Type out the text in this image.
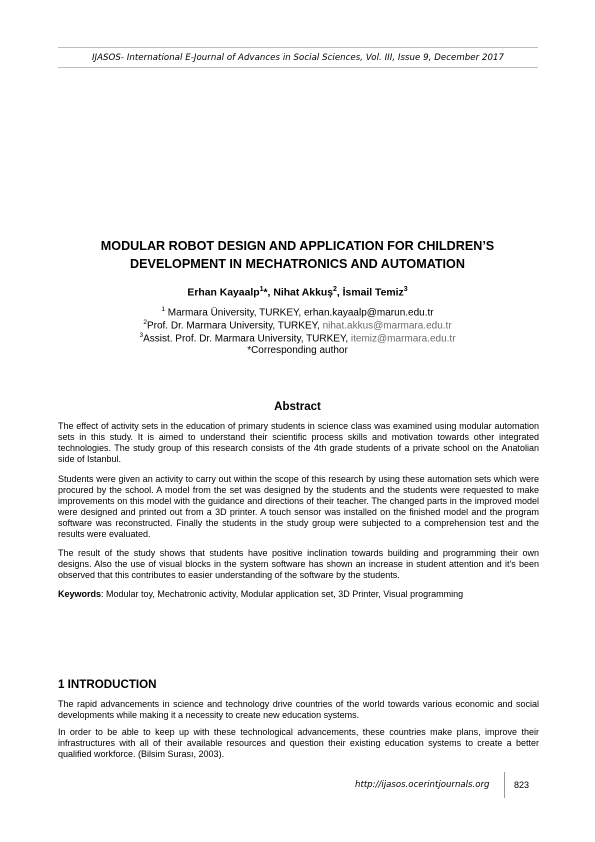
IJASOS- International E-Journal of Advances in Social Sciences, Vol. III, Issue 9, December 2017
MODULAR ROBOT DESIGN AND APPLICATION FOR CHILDREN’S
DEVELOPMENT IN MECHATRONICS AND AUTOMATION
Erhan Kayaalp$^1$*, Nihat Akkuş$^2$, İsmail Temiz$^3$
$^1$ Marmara Üniversity, TURKEY, erhan.kayaalp@marun.edu.tr
$^2$Prof. Dr. Marmara University, TURKEY, nihat.akkus@marmara.edu.tr
$^3$Assist. Prof. Dr. Marmara University, TURKEY, itemiz@marmara.edu.tr
*Corresponding author
Abstract
The effect of activity sets in the education of primary students in science class was examined using modular automation sets in this study. It is aimed to understand their scientific process skills and motivation towards other integrated technologies. The study group of this research consists of the 4th grade students of a private school on the Anatolian side of Istanbul.
Students were given an activity to carry out within the scope of this research by using these automation sets which were procured by the school. A model from the set was designed by the students and the students were requested to make improvements on this model with the guidance and directions of their teacher. The changed parts in the improved model were designed and printed out from a 3D printer. A touch sensor was installed on the finished model and the program software was reconstructed. Finally the students in the study group were subjected to a comprehension test and the results were evaluated.
The result of the study shows that students have positive inclination towards building and programming their own designs. Also the use of visual blocks in the system software has shown an increase in student attention and it’s been observed that this contributes to easier understanding of the software by the students.
Keywords: Modular toy, Mechatronic activity, Modular application set, 3D Printer, Visual programming
1 INTRODUCTION
The rapid advancements in science and technology drive countries of the world towards various economic and social developments while making it a necessity to create new education systems.
In order to be able to keep up with these technological advancements, these countries make plans, improve their infrastructures with all of their available resources and question their existing education systems to create a better qualified workforce. (Bilsim Surası, 2003).
http://ijasos.ocerintjournals.org	823
